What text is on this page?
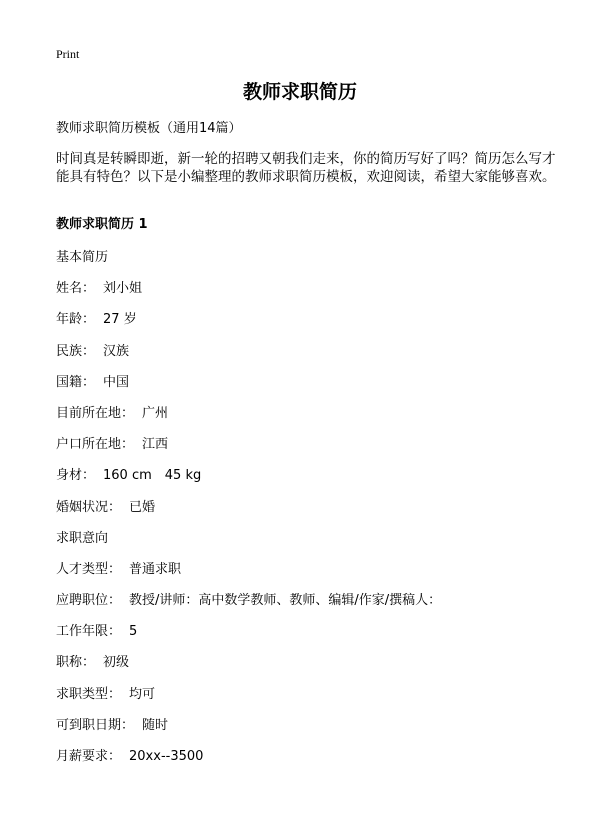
Print
教师求职简历
教师求职简历模板（通用14篇）
时间真是转瞬即逝，新一轮的招聘又朝我们走来，你的简历写好了吗？简历怎么写才能具有特色？以下是小编整理的教师求职简历模板，欢迎阅读，希望大家能够喜欢。
教师求职简历 1
基本简历
姓名： 刘小姐
年龄： 27 岁
民族： 汉族
国籍： 中国
目前所在地： 广州
户口所在地： 江西
身材： 160 cm　45 kg
婚姻状况： 已婚
求职意向
人才类型： 普通求职
应聘职位： 教授/讲师：高中数学教师、教师、编辑/作家/撰稿人：
工作年限： 5
职称： 初级
求职类型： 均可
可到职日期： 随时
月薪要求： 20xx--3500
